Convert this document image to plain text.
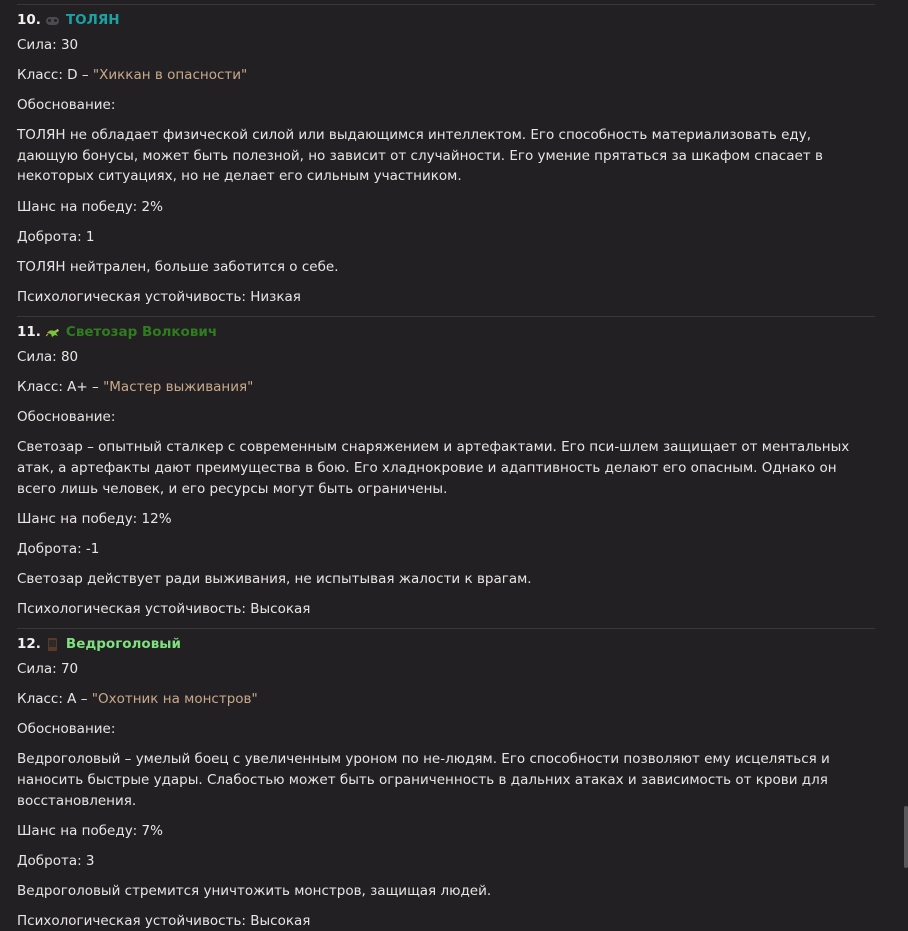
10. ТОЛЯН
Сила: 30
Класс: D – "Хиккан в опасности"
Обоснование:
ТОЛЯН не обладает физической силой или выдающимся интеллектом. Его способность материализовать еду, дающую бонусы, может быть полезной, но зависит от случайности. Его умение прятаться за шкафом спасает в некоторых ситуациях, но не делает его сильным участником.
Шанс на победу: 2%
Доброта: 1
ТОЛЯН нейтрален, больше заботится о себе.
Психологическая устойчивость: Низкая
11. Светозар Волкович
Сила: 80
Класс: A+ – "Мастер выживания"
Обоснование:
Светозар – опытный сталкер с современным снаряжением и артефактами. Его пси-шлем защищает от ментальных атак, а артефакты дают преимущества в бою. Его хладнокровие и адаптивность делают его опасным. Однако он всего лишь человек, и его ресурсы могут быть ограничены.
Шанс на победу: 12%
Доброта: -1
Светозар действует ради выживания, не испытывая жалости к врагам.
Психологическая устойчивость: Высокая
12. Ведроголовый
Сила: 70
Класс: A – "Охотник на монстров"
Обоснование:
Ведроголовый – умелый боец с увеличенным уроном по не-людям. Его способности позволяют ему исцеляться и наносить быстрые удары. Слабостью может быть ограниченность в дальних атаках и зависимость от крови для восстановления.
Шанс на победу: 7%
Доброта: 3
Ведроголовый стремится уничтожить монстров, защищая людей.
Психологическая устойчивость: Высокая
